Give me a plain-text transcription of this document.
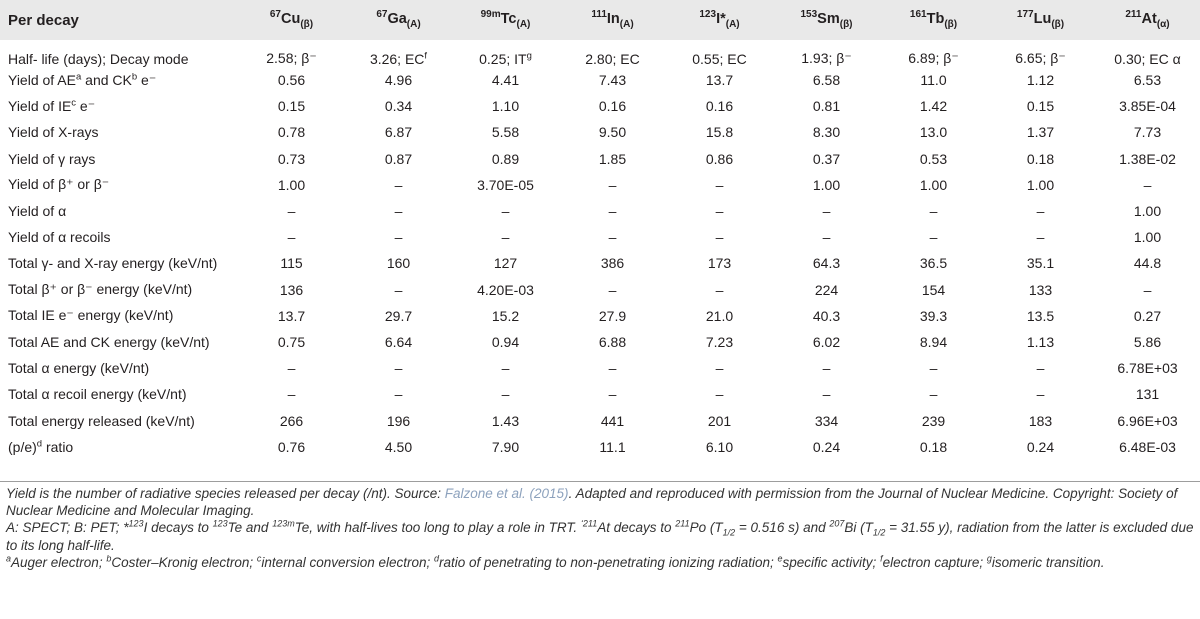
Per decay	$^{67}Cu_{(\beta)}$	$^{67}Ga_{(A)}$	$^{99m}Tc_{(A)}$	$^{111}In_{(A)}$	$^{123}I*_{(A)}$	$^{153}Sm_{(\beta)}$	$^{161}Tb_{(\beta)}$	$^{177}Lu_{(\beta)}$	$^{211}At_{(\alpha)}$
Half- life (days); Decay mode	2.58; β⁻	3.26; $EC^f$	0.25; $IT^g$	2.80; EC	0.55; EC	1.93; β⁻	6.89; β⁻	6.65; β⁻	0.30; EC α
Yield of $AE^a$ and $CK^b$ e⁻	0.56	4.96	4.41	7.43	13.7	6.58	11.0	1.12	6.53
Yield of $IE^c$ e⁻	0.15	0.34	1.10	0.16	0.16	0.81	1.42	0.15	3.85E-04
Yield of X-rays	0.78	6.87	5.58	9.50	15.8	8.30	13.0	1.37	7.73
Yield of γ rays	0.73	0.87	0.89	1.85	0.86	0.37	0.53	0.18	1.38E-02
Yield of β⁺ or β⁻	1.00	–	3.70E-05	–	–	1.00	1.00	1.00	–
Yield of α	–	–	–	–	–	–	–	–	1.00
Yield of α recoils	–	–	–	–	–	–	–	–	1.00
Total γ- and X-ray energy (keV/nt)	115	160	127	386	173	64.3	36.5	35.1	44.8
Total β⁺ or β⁻ energy (keV/nt)	136	–	4.20E-03	–	–	224	154	133	–
Total IE e⁻ energy (keV/nt)	13.7	29.7	15.2	27.9	21.0	40.3	39.3	13.5	0.27
Total AE and CK energy (keV/nt)	0.75	6.64	0.94	6.88	7.23	6.02	8.94	1.13	5.86
Total α energy (keV/nt)	–	–	–	–	–	–	–	–	6.78E+03
Total α recoil energy (keV/nt)	–	–	–	–	–	–	–	–	131
Total energy released (keV/nt)	266	196	1.43	441	201	334	239	183	6.96E+03
$(p/e)^d$ ratio	0.76	4.50	7.90	11.1	6.10	0.24	0.18	0.24	6.48E-03

Yield is the number of radiative species released per decay (/nt). Source: Falzone et al. (2015). Adapted and reproduced with permission from the Journal of Nuclear Medicine. Copyright: Society of Nuclear Medicine and Molecular Imaging.

A: SPECT; B: PET; *$^{123}$I decays to $^{123}$Te and $^{123m}$Te, with half-lives too long to play a role in TRT. $^{‘211}$At decays to $^{211}$Po ($T_{1/2} = 0.516$ s) and $^{207}$Bi ($T_{1/2} = 31.55$ y), radiation from the latter is excluded due to its long half-life.

$^a$Auger electron; $^b$Coster–Kronig electron; $^c$internal conversion electron; $^d$ratio of penetrating to non-penetrating ionizing radiation; $^e$specific activity; $^f$electron capture; $^g$isomeric transition.
